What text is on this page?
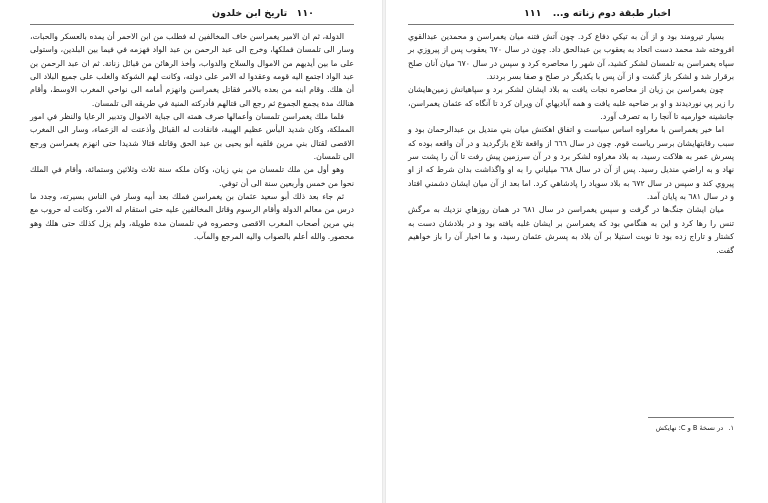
١١٠ تاريخ ابن خلدون

الدولة، ثم ان الامير يغمراسن خاف المخالفين له فطلب من ابن الاحمر أن يمده بالعسكر والحبات، وسار الى تلمسان فملكها، وخرج الى عبد الرحمن بن عبد الواد فهزمه في فيما بين البلدين، واستولى على ما بين أيديهم من الاموال والسلاح والدواب، وأخذ الرهائن من قبائل زناتة. ثم ان عبد الرحمن بن عبد الواد اجتمع اليه قومه وعقدوا له الامر على دولته، وكانت لهم الشوكة والغلب على جميع البلاد الى أن هلك. وقام ابنه من بعده بالامر فقاتل يغمراسن وانهزم أمامه الى نواحي المغرب الاوسط، وأقام هنالك مدة يجمع الجموع ثم رجع الى قتالهم فأدركته المنية في طريقه الى تلمسان.

فلما ملك يغمراسن تلمسان وأعمالها صرف همته الى جباية الاموال وتدبير الرعايا والنظر في امور المملكة، وكان شديد البأس عظيم الهيبة، فانقادت له القبائل وأذعنت له الزعماء، وسار الى المغرب الاقصى لقتال بني مرين فلقيه أبو يحيى بن عبد الحق وقاتله قتالا شديدا حتى انهزم يغمراسن ورجع الى تلمسان.

وهو أول من ملك تلمسان من بني زيان، وكان ملكه سنة ثلاث وثلاثين وستمائة، وأقام في الملك نحوا من خمس وأربعين سنة الى أن توفي.

ثم جاء بعد ذلك أبو سعيد عثمان بن يغمراسن فملك بعد أبيه وسار في الناس بسيرته، وجدد ما درس من معالم الدولة وأقام الرسوم وقاتل المخالفين عليه حتى استقام له الامر، وكانت له حروب مع بني مرين أصحاب المغرب الاقصى وحصروه في تلمسان مدة طويلة، ولم يزل كذلك حتى هلك وهو محصور. والله أعلم بالصواب واليه المرجع والمآب.

اخبار طبقة دوم زناته و... ١١١

بسيار تيرومند بود و از آن به تيكي دفاع كرد. چون آتش فتنه ميان يغمراسن و محمدين عبدالقوي افروخته شد محمد دست اتحاد به يعقوب بن عبدالحق داد. چون در سال ٦٧٠ يعقوب پس از پيروزي بر سپاه يغمراسن به تلمسان لشكر كشيد، آن شهر را محاصره كرد و سپس در سال ٦٧٠ ميان آنان صلح برقرار شد و لشكر باز گشت و از آن پس با يكديگر در صلح و صفا بسر بردند.

چون يغمراسن بن زيان از محاصره نجات يافت به بلاد ايشان لشكر برد و سپاهيانش زمين‌هايشان را زير پي نورديدند و او بر ضاحيه غلبه يافت و همه آباديهاي آن ويران كرد تا آنگاه كه عثمان يغمراسن، جانشينه خوارميه تا آنجا را به تصرف آورد.

اما خير يغمراسن با مغراوه اساس سياست و اتفاق اهكنش ميان بني منديل بن عبدالرحمان بود و سبب رقابتهايشان برسر رياست قوم. چون در سال ٦٦٦ از واقعة تلاع بازگرديد و در آن واقعه بوده كه پسرش عمر به هلاكت رسيد، به بلاد مغراوه لشكر برد و در آن سرزمين پيش رفت تا آن را پشت سر نهاد و به اراضي منديل رسيد. پس از آن در سال ٦٦٨ ميلياني را به او واگذاشت بدان شرط كه از او پيروي كند و سپس در سال ٦٧٢ به بلاد سوياد را پادشاهي كرد. اما بعد از آن ميان ايشان دشمني افتاد و در سال ٦٨١ به پايان آمد.

ميان ايشان جنگ‌ها در گرفت و سپس يغمراسن در سال ٦٨١ در همان روزهاي نزديك به مرگش تنس را رها كرد و اين به هنگامي بود كه يغمراسن بر ايشان غلبه يافته بود و در بلادشان دست به كشتار و تاراج زده بود تا نوبت استيلا بر آن بلاد به پسرش عثمان رسيد، و ما اخبار آن را باز خواهيم گفت.

١. در نسخهٔ B و C: نهايكش
